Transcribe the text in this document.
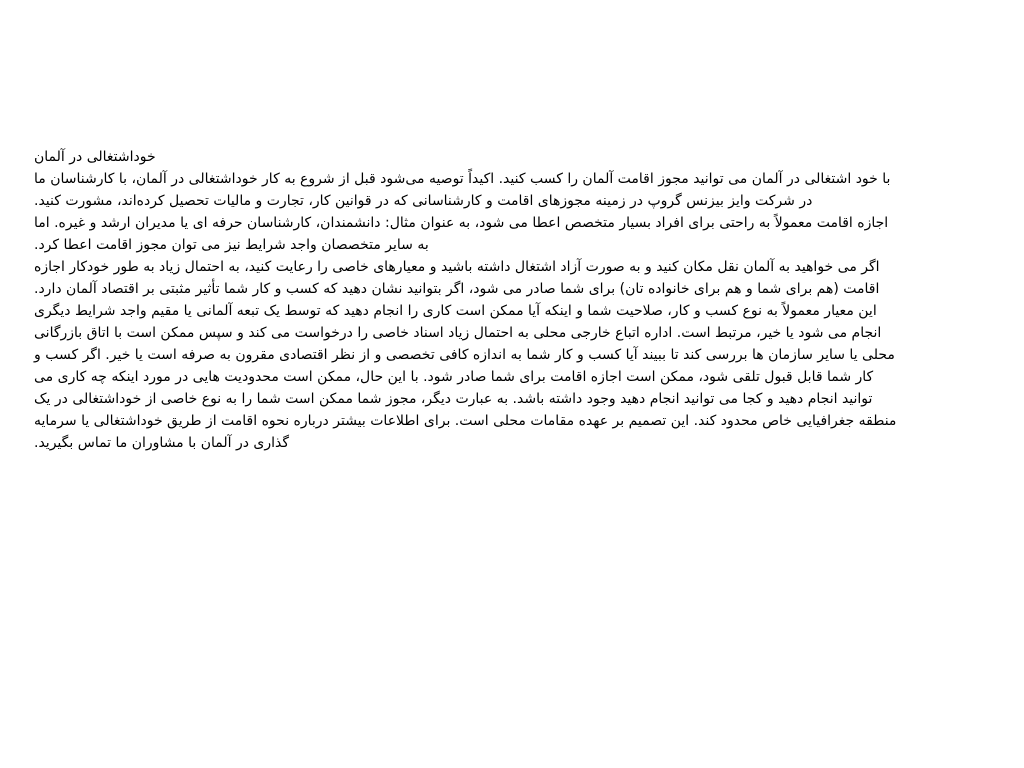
خوداشتغالی در آلمان
با خود اشتغالی در آلمان می توانید مجوز اقامت آلمان را کسب کنید. اکیداً توصیه می‌شود قبل از شروع به کار خوداشتغالی در آلمان، با کارشناسان ما
در شرکت وایز بیزنس گروپ در زمینه مجوزهای اقامت و کارشناسانی که در قوانین کار، تجارت و مالیات تحصیل کرده‌اند، مشورت کنید.
اجازه اقامت معمولاً به راحتی برای افراد بسیار متخصص اعطا می شود، به عنوان مثال: دانشمندان، کارشناسان حرفه ای یا مدیران ارشد و غیره. اما
به سایر متخصصان واجد شرایط نیز می توان مجوز اقامت اعطا کرد.
اگر می خواهید به آلمان نقل مکان کنید و به صورت آزاد اشتغال داشته باشید و معیارهای خاصی را رعایت کنید، به احتمال زیاد به طور خودکار اجازه
اقامت (هم برای شما و هم برای خانواده تان) برای شما صادر می شود، اگر بتوانید نشان دهید که کسب و کار شما تأثیر مثبتی بر اقتصاد آلمان دارد.
این معیار معمولاً به نوع کسب و کار، صلاحیت شما و اینکه آیا ممکن است کاری را انجام دهید که توسط یک تبعه آلمانی یا مقیم واجد شرایط دیگری
انجام می شود یا خیر، مرتبط است. اداره اتباع خارجی محلی به احتمال زیاد اسناد خاصی را درخواست می کند و سپس ممکن است با اتاق بازرگانی
محلی یا سایر سازمان ها بررسی کند تا ببیند آیا کسب و کار شما به اندازه کافی تخصصی و از نظر اقتصادی مقرون به صرفه است یا خیر. اگر کسب و
کار شما قابل قبول تلقی شود، ممکن است اجازه اقامت برای شما صادر شود. با این حال، ممکن است محدودیت هایی در مورد اینکه چه کاری می
توانید انجام دهید و کجا می توانید انجام دهید وجود داشته باشد. به عبارت دیگر، مجوز شما ممکن است شما را به نوع خاصی از خوداشتغالی در یک
منطقه جغرافیایی خاص محدود کند. این تصمیم بر عهده مقامات محلی است. برای اطلاعات بیشتر درباره نحوه اقامت از طریق خوداشتغالی یا سرمایه
گذاری در آلمان با مشاوران ما تماس بگیرید.
